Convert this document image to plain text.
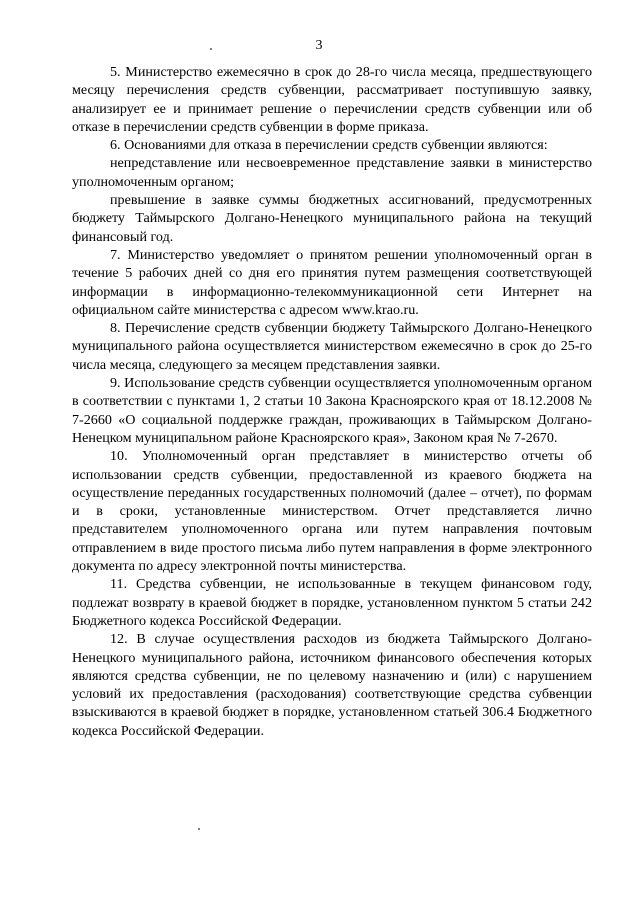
3

5. Министерство ежемесячно в срок до 28-го числа месяца, предшествующего месяцу перечисления средств субвенции, рассматривает поступившую заявку, анализирует ее и принимает решение о перечислении средств субвенции или об отказе в перечислении средств субвенции в форме приказа.

6. Основаниями для отказа в перечислении средств субвенции являются:

непредставление или несвоевременное представление заявки в министерство уполномоченным органом;

превышение в заявке суммы бюджетных ассигнований, предусмотренных бюджету Таймырского Долгано-Ненецкого муниципального района на текущий финансовый год.

7. Министерство уведомляет о принятом решении уполномоченный орган в течение 5 рабочих дней со дня его принятия путем размещения соответствующей информации в информационно-телекоммуникационной сети Интернет на официальном сайте министерства с адресом www.krao.ru.

8. Перечисление средств субвенции бюджету Таймырского Долгано-Ненецкого муниципального района осуществляется министерством ежемесячно в срок до 25-го числа месяца, следующего за месяцем представления заявки.

9. Использование средств субвенции осуществляется уполномоченным органом в соответствии с пунктами 1, 2 статьи 10 Закона Красноярского края от 18.12.2008 № 7-2660 «О социальной поддержке граждан, проживающих в Таймырском Долгано-Ненецком муниципальном районе Красноярского края», Законом края № 7-2670.

10. Уполномоченный орган представляет в министерство отчеты об использовании средств субвенции, предоставленной из краевого бюджета на осуществление переданных государственных полномочий (далее – отчет), по формам и в сроки, установленные министерством. Отчет представляется лично представителем уполномоченного органа или путем направления почтовым отправлением в виде простого письма либо путем направления в форме электронного документа по адресу электронной почты министерства.

11. Средства субвенции, не использованные в текущем финансовом году, подлежат возврату в краевой бюджет в порядке, установленном пунктом 5 статьи 242 Бюджетного кодекса Российской Федерации.

12. В случае осуществления расходов из бюджета Таймырского Долгано-Ненецкого муниципального района, источником финансового обеспечения которых являются средства субвенции, не по целевому назначению и (или) с нарушением условий их предоставления (расходования) соответствующие средства субвенции взыскиваются в краевой бюджет в порядке, установленном статьей 306.4 Бюджетного кодекса Российской Федерации.
